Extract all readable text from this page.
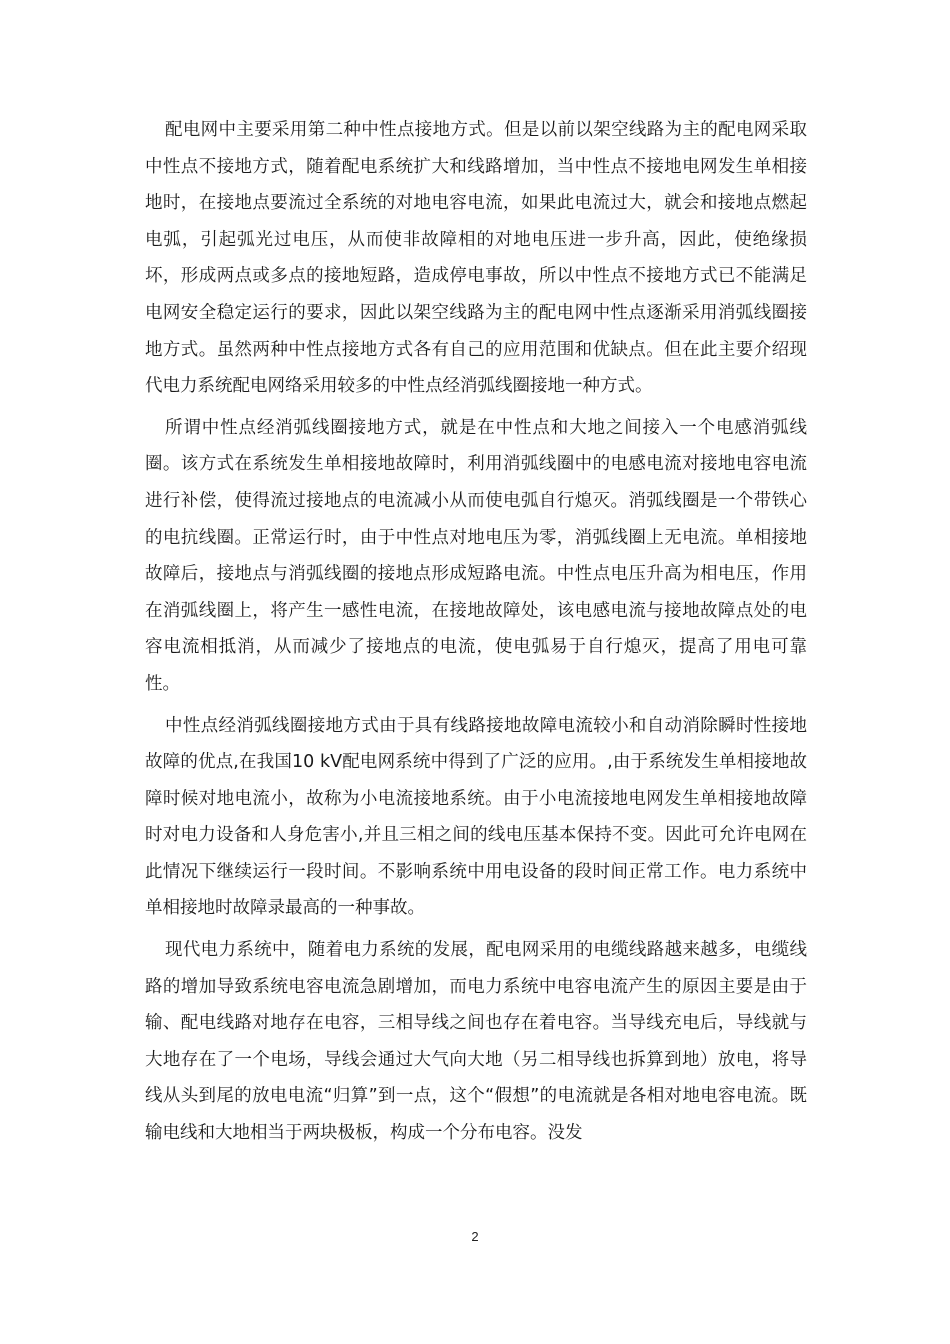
配电网中主要采用第二种中性点接地方式。但是以前以架空线路为主的配电网采取中性点不接地方式，随着配电系统扩大和线路增加，当中性点不接地电网发生单相接地时，在接地点要流过全系统的对地电容电流，如果此电流过大，就会和接地点燃起电弧，引起弧光过电压，从而使非故障相的对地电压进一步升高，因此，使绝缘损坏，形成两点或多点的接地短路，造成停电事故，所以中性点不接地方式已不能满足电网安全稳定运行的要求，因此以架空线路为主的配电网中性点逐渐采用消弧线圈接地方式。虽然两种中性点接地方式各有自己的应用范围和优缺点。但在此主要介绍现代电力系统配电网络采用较多的中性点经消弧线圈接地一种方式。

所谓中性点经消弧线圈接地方式，就是在中性点和大地之间接入一个电感消弧线圈。该方式在系统发生单相接地故障时，利用消弧线圈中的电感电流对接地电容电流进行补偿，使得流过接地点的电流减小从而使电弧自行熄灭。消弧线圈是一个带铁心的电抗线圈。正常运行时，由于中性点对地电压为零，消弧线圈上无电流。单相接地故障后，接地点与消弧线圈的接地点形成短路电流。中性点电压升高为相电压，作用在消弧线圈上，将产生一感性电流，在接地故障处，该电感电流与接地故障点处的电容电流相抵消，从而减少了接地点的电流，使电弧易于自行熄灭，提高了用电可靠性。

中性点经消弧线圈接地方式由于具有线路接地故障电流较小和自动消除瞬时性接地故障的优点,在我国10 kV配电网系统中得到了广泛的应用。,由于系统发生单相接地故障时候对地电流小，故称为小电流接地系统。由于小电流接地电网发生单相接地故障时对电力设备和人身危害小,并且三相之间的线电压基本保持不变。因此可允许电网在此情况下继续运行一段时间。不影响系统中用电设备的段时间正常工作。电力系统中单相接地时故障录最高的一种事故。

现代电力系统中，随着电力系统的发展，配电网采用的电缆线路越来越多，电缆线路的增加导致系统电容电流急剧增加，而电力系统中电容电流产生的原因主要是由于输、配电线路对地存在电容，三相导线之间也存在着电容。当导线充电后，导线就与大地存在了一个电场，导线会通过大气向大地（另二相导线也拆算到地）放电，将导线从头到尾的放电电流“归算”到一点，这个“假想”的电流就是各相对地电容电流。既输电线和大地相当于两块极板，构成一个分布电容。没发

2
